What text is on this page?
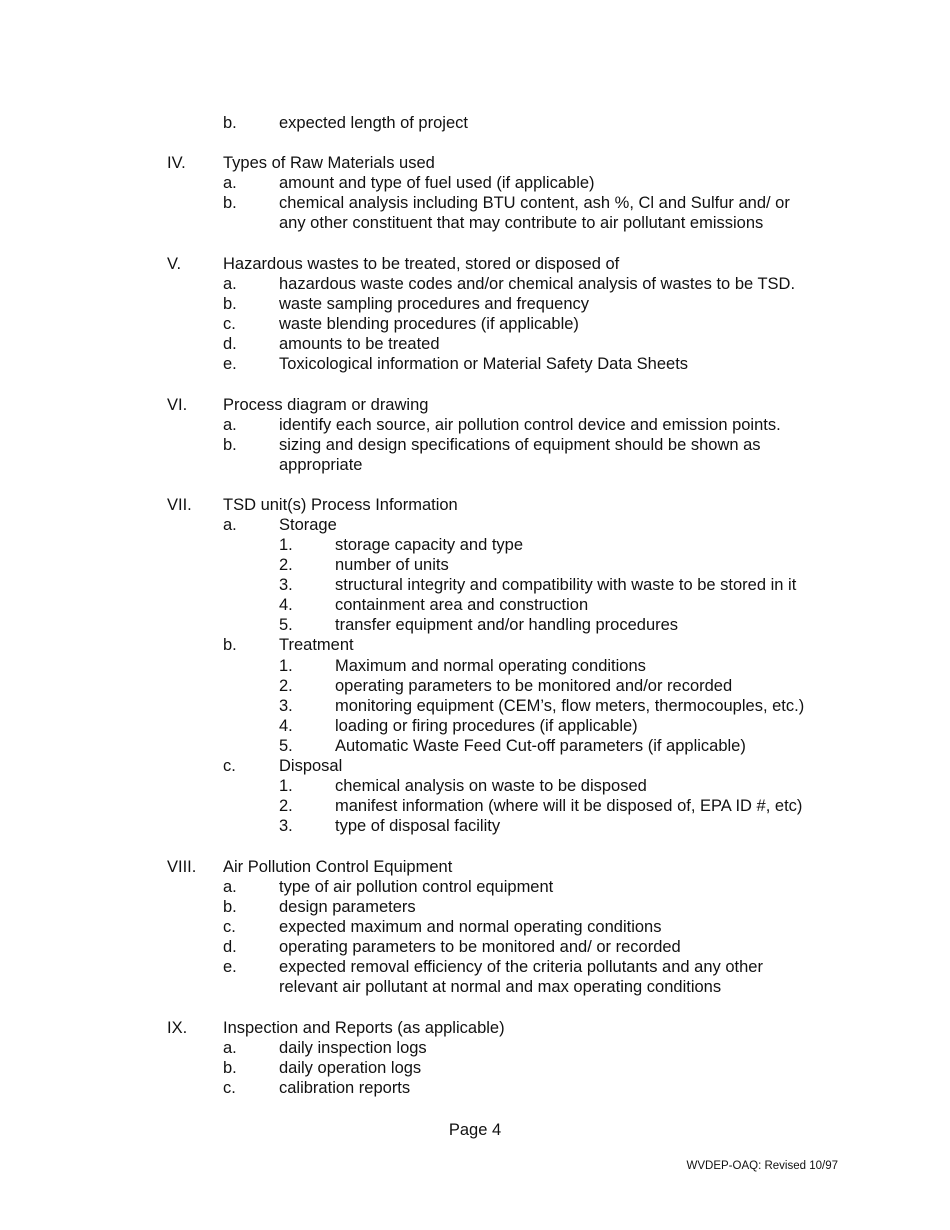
b.	expected length of project
IV. Types of Raw Materials used
a.	amount and type of fuel used (if applicable)
b.	chemical analysis including BTU content, ash %, Cl and Sulfur and/ or
any other constituent that may contribute to air pollutant emissions
V.	Hazardous wastes to be treated, stored or disposed of
a.	hazardous waste codes and/or chemical analysis of wastes to be TSD.
b.	waste sampling procedures and frequency
c.	waste blending procedures (if applicable)
d.	amounts to be treated
e.	Toxicological information or Material Safety Data Sheets
VI. Process diagram or drawing
a.	identify each source, air pollution control device and emission points.
b.	sizing and design specifications of equipment should be shown as
appropriate
VII. TSD unit(s) Process Information
a.	Storage
1.	storage capacity and type
2.	number of units
3.	structural integrity and compatibility with waste to be stored in it
4.	containment area and construction
5.	transfer equipment and/or handling procedures
b.	Treatment
1.	Maximum and normal operating conditions
2.	operating parameters to be monitored and/or recorded
3.	monitoring equipment (CEM’s, flow meters, thermocouples, etc.)
4.	loading or firing procedures (if applicable)
5.	Automatic Waste Feed Cut-off parameters (if applicable)
c.	Disposal
1.	chemical analysis on waste to be disposed
2.	manifest information (where will it be disposed of, EPA ID #, etc)
3.	type of disposal facility
VIII. Air Pollution Control Equipment
a.	type of air pollution control equipment
b.	design parameters
c.	expected maximum and normal operating conditions
d.	operating parameters to be monitored and/ or recorded
e.	expected removal efficiency of the criteria pollutants and any other
relevant air pollutant at normal and max operating conditions
IX. Inspection and Reports (as applicable)
a.	daily inspection logs
b.	daily operation logs
c.	calibration reports
Page 4
WVDEP-OAQ: Revised 10/97
